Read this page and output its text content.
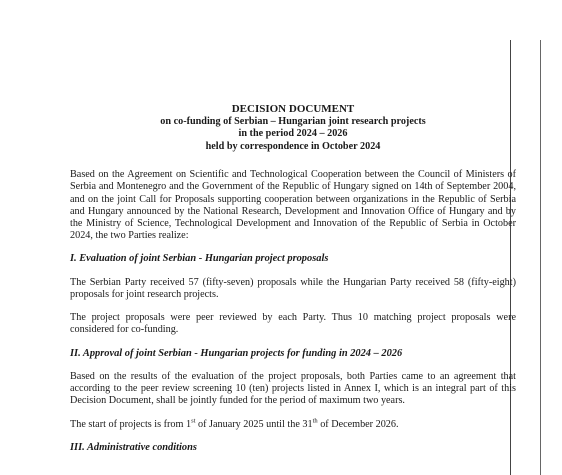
DECISION DOCUMENT
on co-funding of Serbian – Hungarian joint research projects
in the period 2024 – 2026
held by correspondence in October 2024

Based on the Agreement on Scientific and Technological Cooperation between the Council of Ministers of Serbia and Montenegro and the Government of the Republic of Hungary signed on 14th of September 2004, and on the joint Call for Proposals supporting cooperation between organizations in the Republic of Serbia and Hungary announced by the National Research, Development and Innovation Office of Hungary and by the Ministry of Science, Technological Development and Innovation of the Republic of Serbia in October 2024, the two Parties realize:

I. Evaluation of joint Serbian - Hungarian project proposals

The Serbian Party received 57 (fifty-seven) proposals while the Hungarian Party received 58 (fifty-eight) proposals for joint research projects.

The project proposals were peer reviewed by each Party. Thus 10 matching project proposals were considered for co-funding.

II. Approval of joint Serbian - Hungarian projects for funding in 2024 – 2026

Based on the results of the evaluation of the project proposals, both Parties came to an agreement that according to the peer review screening 10 (ten) projects listed in Annex I, which is an integral part of this Decision Document, shall be jointly funded for the period of maximum two years.

The start of projects is from 1st of January 2025 until the 31th of December 2026.

III. Administrative conditions
